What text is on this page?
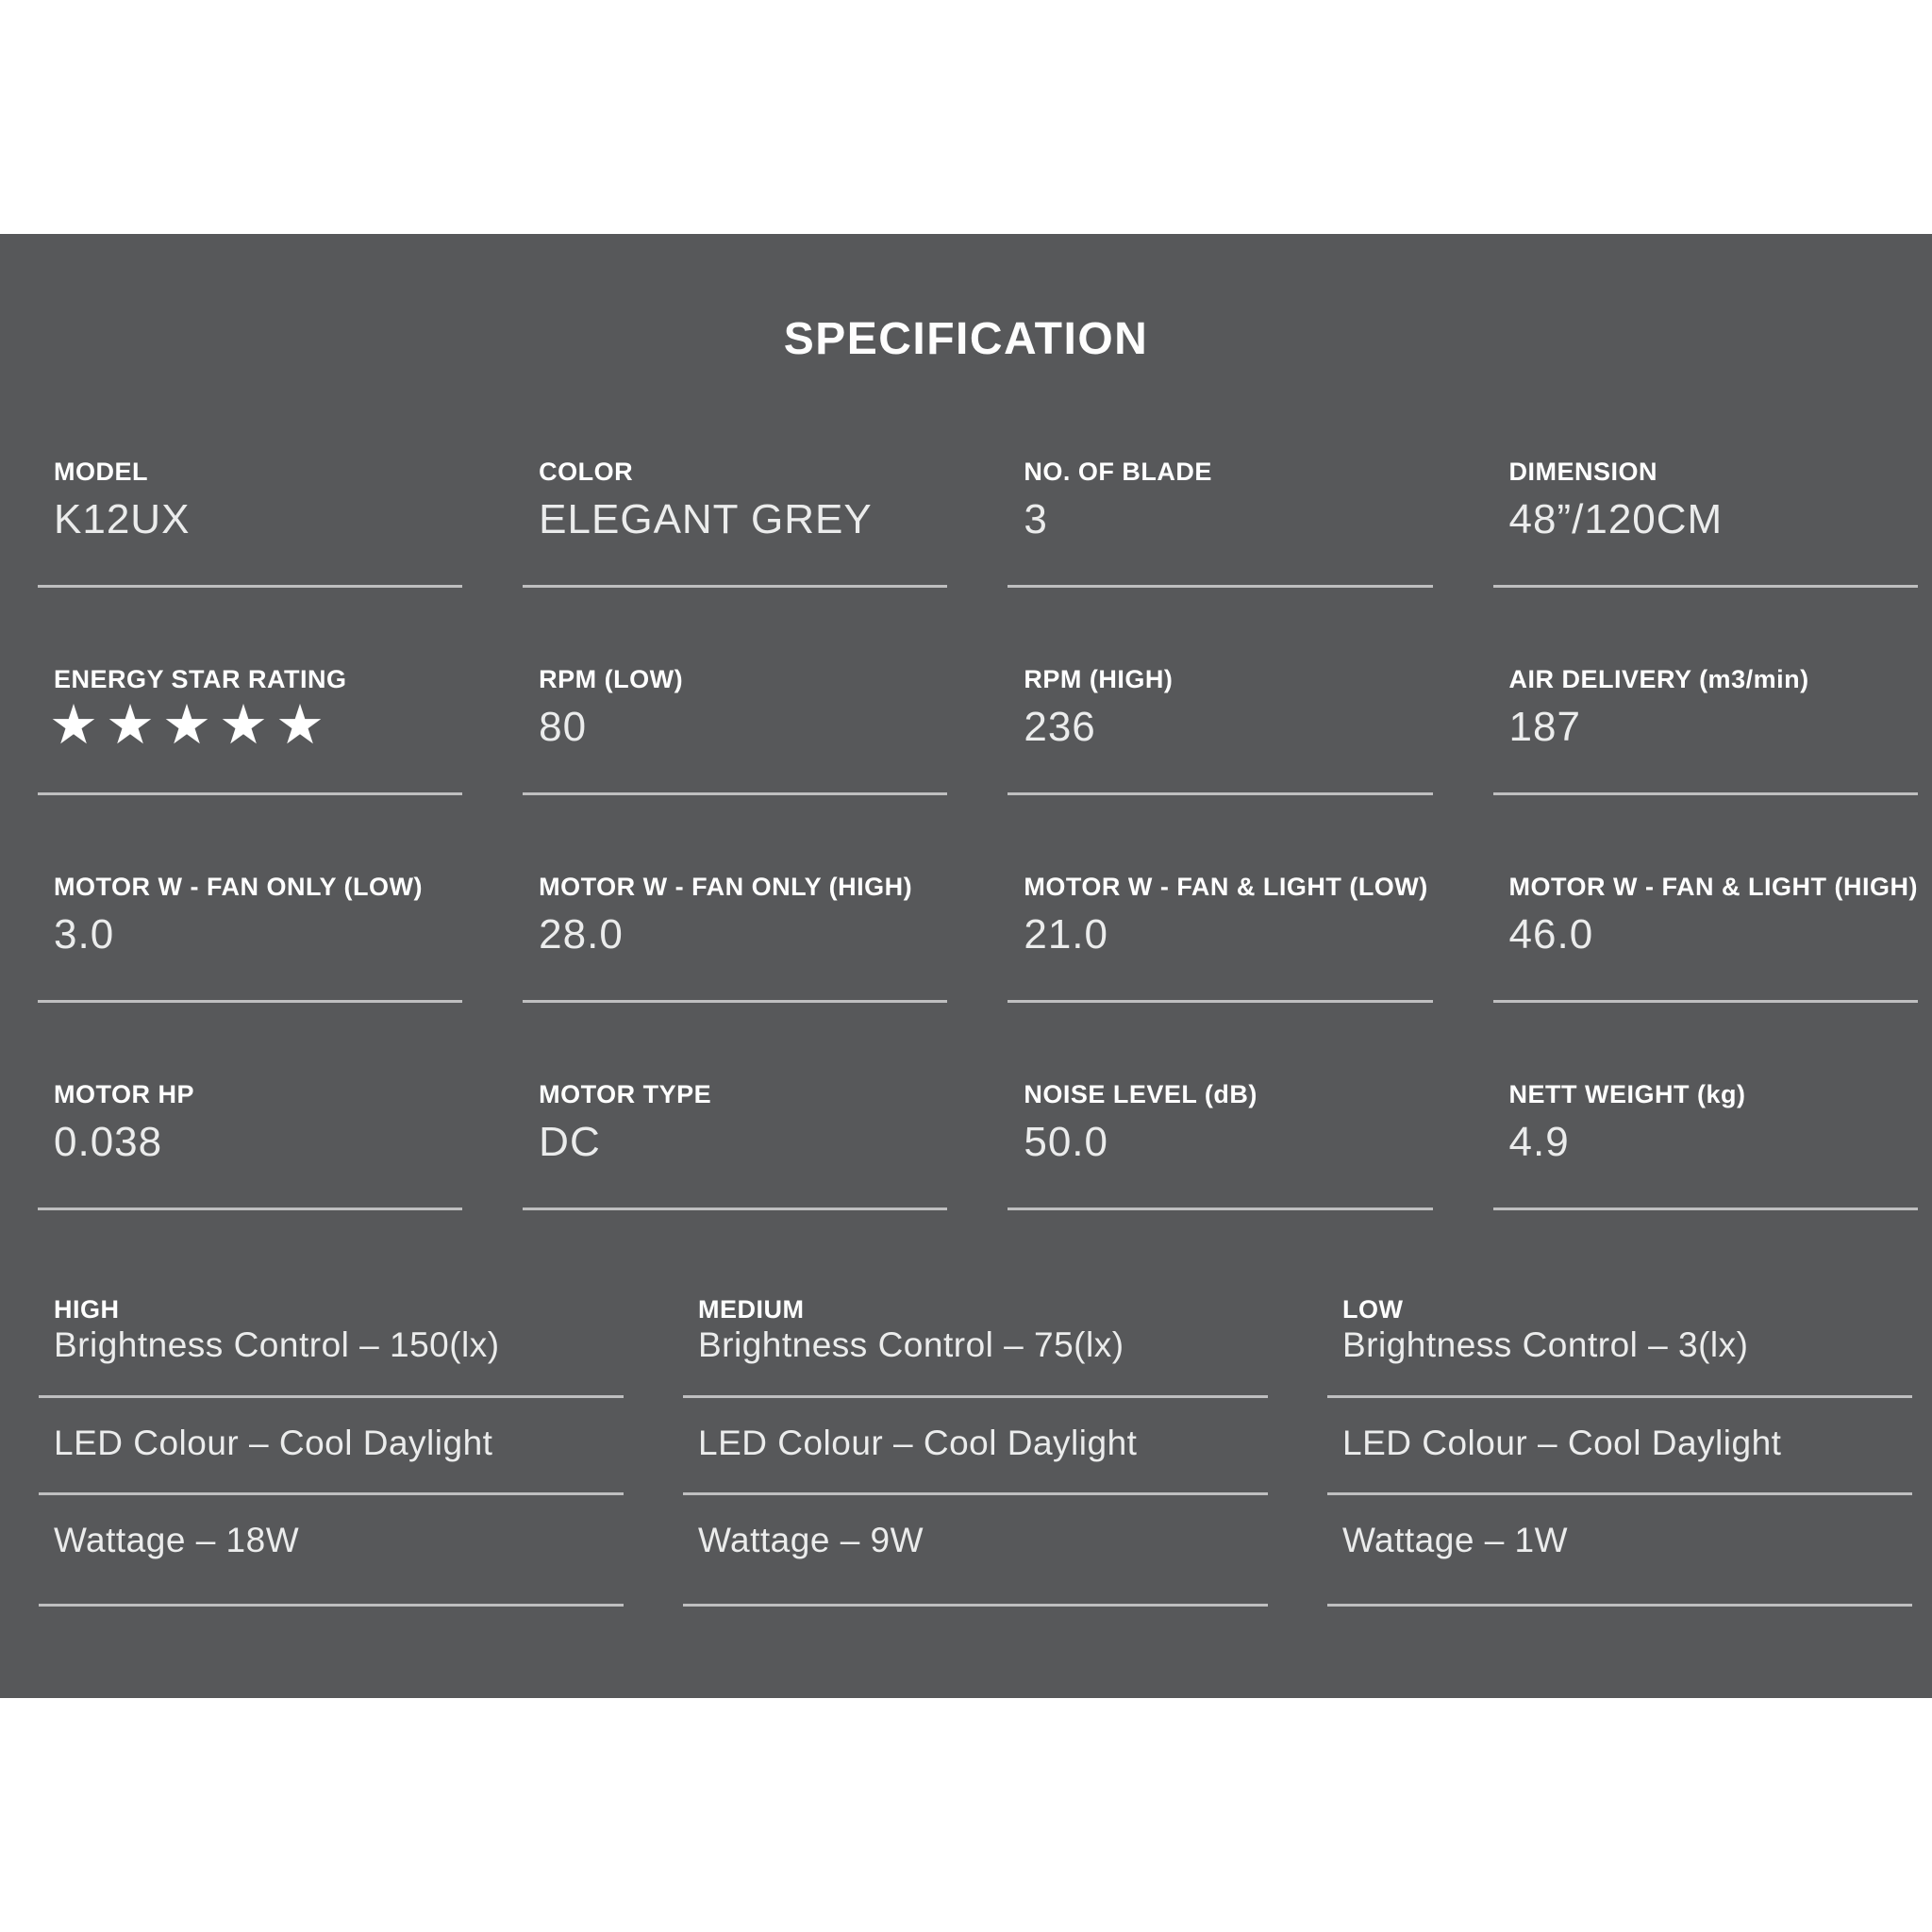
SPECIFICATION
MODEL
K12UX
COLOR
ELEGANT GREY
NO. OF BLADE
3
DIMENSION
48”/120CM
ENERGY STAR RATING
★★★★★
RPM (LOW)
80
RPM (HIGH)
236
AIR DELIVERY (m3/min)
187
MOTOR W - FAN ONLY (LOW)
3.0
MOTOR W - FAN ONLY (HIGH)
28.0
MOTOR W - FAN & LIGHT (LOW)
21.0
MOTOR W - FAN & LIGHT (HIGH)
46.0
MOTOR HP
0.038
MOTOR TYPE
DC
NOISE LEVEL (dB)
50.0
NETT WEIGHT (kg)
4.9
HIGH
Brightness Control – 150(lx)
LED Colour – Cool Daylight
Wattage – 18W
MEDIUM
Brightness Control – 75(lx)
LED Colour – Cool Daylight
Wattage – 9W
LOW
Brightness Control – 3(lx)
LED Colour – Cool Daylight
Wattage – 1W
